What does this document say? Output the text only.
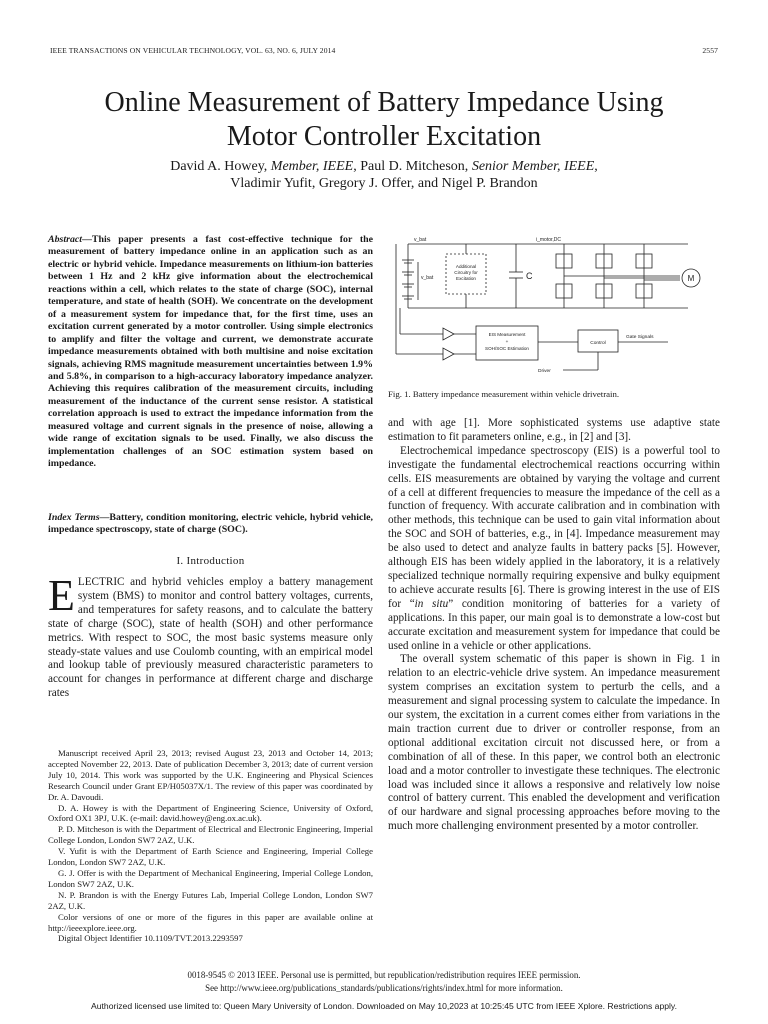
IEEE TRANSACTIONS ON VEHICULAR TECHNOLOGY, VOL. 63, NO. 6, JULY 2014	2557
Online Measurement of Battery Impedance Using
Motor Controller Excitation
David A. Howey, Member, IEEE, Paul D. Mitcheson, Senior Member, IEEE,
Vladimir Yufit, Gregory J. Offer, and Nigel P. Brandon
Abstract—This paper presents a fast cost-effective technique for the measurement of battery impedance online in an application such as an electric or hybrid vehicle. Impedance measurements on lithium-ion batteries between 1 Hz and 2 kHz give information about the electrochemical reactions within a cell, which relates to the state of charge (SOC), internal temperature, and state of health (SOH). We concentrate on the development of a measurement system for impedance that, for the first time, uses an excitation current generated by a motor controller. Using simple electronics to amplify and filter the voltage and current, we demonstrate accurate impedance measurements obtained with both multisine and noise excitation signals, achieving RMS magnitude measurement uncertainties between 1.9% and 5.8%, in comparison to a high-accuracy laboratory impedance analyzer. Achieving this requires calibration of the measurement circuits, including measurement of the inductance of the current sense resistor. A statistical correlation approach is used to extract the impedance information from the measured voltage and current signals in the presence of noise, allowing a wide range of excitation signals to be used. Finally, we also discuss the implementation challenges of an SOC estimation system based on impedance.
Index Terms—Battery, condition monitoring, electric vehicle, hybrid vehicle, impedance spectroscopy, state of charge (SOC).
I. Introduction
ELECTRIC and hybrid vehicles employ a battery management system (BMS) to monitor and control battery voltages, currents, and temperatures for safety reasons, and to calculate the battery state of charge (SOC), state of health (SOH) and other performance metrics. With respect to SOC, the most basic systems measure only steady-state values and use Coulomb counting, with an empirical model and lookup table of previously measured characteristic parameters to account for changes in performance at different charge and discharge rates

Manuscript received April 23, 2013; revised August 23, 2013 and October 14, 2013; accepted November 22, 2013. Date of publication December 3, 2013; date of current version July 10, 2014. This work was supported by the U.K. Engineering and Physical Sciences Research Council under Grant EP/H05037X/1. The review of this paper was coordinated by Dr. A. Davoudi.

D. A. Howey is with the Department of Engineering Science, University of Oxford, Oxford OX1 3PJ, U.K. (e-mail: david.howey@eng.ox.ac.uk).

P. D. Mitcheson is with the Department of Electrical and Electronic Engineering, Imperial College London, London SW7 2AZ, U.K.

V. Yufit is with the Department of Earth Science and Engineering, Imperial College London, London SW7 2AZ, U.K.

G. J. Offer is with the Department of Mechanical Engineering, Imperial College London, London SW7 2AZ, U.K.

N. P. Brandon is with the Energy Futures Lab, Imperial College London, London SW7 2AZ, U.K.

Color versions of one or more of the figures in this paper are available online at http://ieeexplore.ieee.org.

Digital Object Identifier 10.1109/TVT.2013.2293597

v_bat	i_motor,DC
v_bat
Additional
Circuitry for
Excitation	C	M
EIS Measurement
+
SOH/SOC Estimation
Control
Gate Signals
Driver
Fig. 1. Battery impedance measurement within vehicle drivetrain.

and with age [1]. More sophisticated systems use adaptive state estimation to fit parameters online, e.g., in [2] and [3].

Electrochemical impedance spectroscopy (EIS) is a powerful tool to investigate the fundamental electrochemical reactions occurring within cells. EIS measurements are obtained by varying the voltage and current of a cell at different frequencies to measure the impedance of the cell as a function of frequency. With accurate calibration and in combination with other methods, this technique can be used to gain vital information about the SOC and SOH of batteries, e.g., in [4]. Impedance measurement may be also used to detect and analyze faults in battery packs [5]. However, although EIS has been widely applied in the laboratory, it is a relatively specialized technique normally requiring expensive and bulky equipment to achieve accurate results [6]. There is growing interest in the use of EIS for “in situ” condition monitoring of batteries for a variety of applications. In this paper, our main goal is to demonstrate a low-cost but accurate excitation and measurement system for impedance that could be used online in a vehicle or other applications.

The overall system schematic of this paper is shown in Fig. 1 in relation to an electric-vehicle drive system. An impedance measurement system comprises an excitation system to perturb the cells, and a measurement and signal processing system to calculate the impedance. In our system, the excitation in a current comes either from variations in the main traction current due to driver or controller response, from an optional additional excitation circuit not discussed here, or from a combination of all of these. In this paper, we control both an electronic load and a motor controller to investigate these techniques. The electronic load was included since it allows a responsive and relatively low noise control of battery current. This enabled the development and verification of our hardware and signal processing approaches before moving to the much more challenging environment presented by a motor controller.

0018-9545 © 2013 IEEE. Personal use is permitted, but republication/redistribution requires IEEE permission.
See http://www.ieee.org/publications_standards/publications/rights/index.html for more information.
Authorized licensed use limited to: Queen Mary University of London. Downloaded on May 10,2023 at 10:25:45 UTC from IEEE Xplore. Restrictions apply.
